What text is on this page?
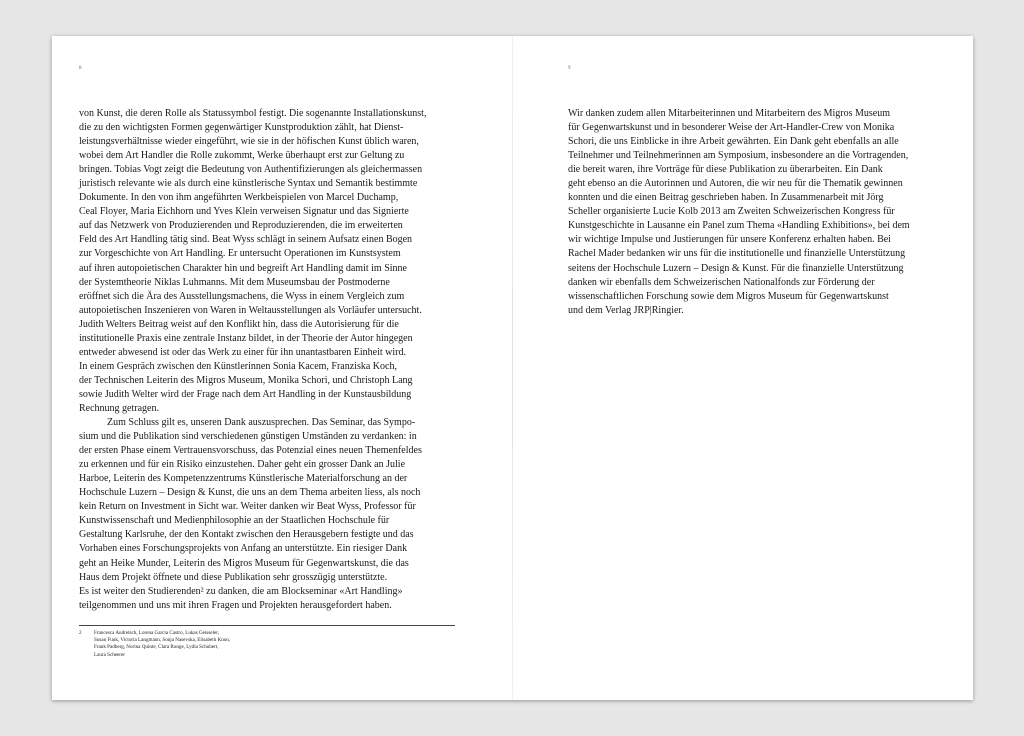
8	9
von Kunst, die deren Rolle als Statussymbol festigt. Die sogenannte Installationskunst,
die zu den wichtigsten Formen gegenwärtiger Kunstproduktion zählt, hat Dienst-
leistungsverhältnisse wieder eingeführt, wie sie in der höfischen Kunst üblich waren,
wobei dem Art Handler die Rolle zukommt, Werke überhaupt erst zur Geltung zu
bringen. Tobias Vogt zeigt die Bedeutung von Authentifizierungen als gleichermassen
juristisch relevante wie als durch eine künstlerische Syntax und Semantik bestimmte
Dokumente. In den von ihm angeführten Werkbeispielen von Marcel Duchamp,
Ceal Floyer, Maria Eichhorn und Yves Klein verweisen Signatur und das Signierte
auf das Netzwerk von Produzierenden und Reproduzierenden, die im erweiterten
Feld des Art Handling tätig sind. Beat Wyss schlägt in seinem Aufsatz einen Bogen
zur Vorgeschichte von Art Handling. Er untersucht Operationen im Kunstsystem
auf ihren autopoietischen Charakter hin und begreift Art Handling damit im Sinne
der Systemtheorie Niklas Luhmanns. Mit dem Museumsbau der Postmoderne
eröffnet sich die Ära des Ausstellungsmachens, die Wyss in einem Vergleich zum
autopoietischen Inszenieren von Waren in Weltausstellungen als Vorläufer untersucht.
Judith Welters Beitrag weist auf den Konflikt hin, dass die Autorisierung für die
institutionelle Praxis eine zentrale Instanz bildet, in der Theorie der Autor hingegen
entweder abwesend ist oder das Werk zu einer für ihn unantastbaren Einheit wird.
In einem Gespräch zwischen den Künstlerinnen Sonia Kacem, Franziska Koch,
der Technischen Leiterin des Migros Museum, Monika Schori, und Christoph Lang
sowie Judith Welter wird der Frage nach dem Art Handling in der Kunstausbildung
Rechnung getragen.
Zum Schluss gilt es, unseren Dank auszusprechen. Das Seminar, das Sympo-
sium und die Publikation sind verschiedenen günstigen Umständen zu verdanken: in
der ersten Phase einem Vertrauensvorschuss, das Potenzial eines neuen Themenfeldes
zu erkennen und für ein Risiko einzustehen. Daher geht ein grosser Dank an Julie
Harboe, Leiterin des Kompetenzzentrums Künstlerische Materialforschung an der
Hochschule Luzern – Design & Kunst, die uns an dem Thema arbeiten liess, als noch
kein Return on Investment in Sicht war. Weiter danken wir Beat Wyss, Professor für
Kunstwissenschaft und Medienphilosophie an der Staatlichen Hochschule für
Gestaltung Karlsruhe, der den Kontakt zwischen den Herausgebern festigte und das
Vorhaben eines Forschungsprojekts von Anfang an unterstützte. Ein riesiger Dank
geht an Heike Munder, Leiterin des Migros Museum für Gegenwartskunst, die das
Haus dem Projekt öffnete und diese Publikation sehr grosszügig unterstützte.
Es ist weiter den Studierenden² zu danken, die am Blockseminar «Art Handling»
teilgenommen und uns mit ihren Fragen und Projekten herausgefordert haben.
2 Francesca Audretsch, Lorena Garcia Castro, Lukas Geisseler,
Susan Funk, Victoria Langmann, Sonja Nasevska, Elisabeth Knon,
Frank Padberg, Norina Quinte, Clara Runge, Lydia Schubert,
Laura Scheerer
Wir danken zudem allen Mitarbeiterinnen und Mitarbeitern des Migros Museum
für Gegenwartskunst und in besonderer Weise der Art-Handler-Crew von Monika
Schori, die uns Einblicke in ihre Arbeit gewährten. Ein Dank geht ebenfalls an alle
Teilnehmer und Teilnehmerinnen am Symposium, insbesondere an die Vortragenden,
die bereit waren, ihre Vorträge für diese Publikation zu überarbeiten. Ein Dank
geht ebenso an die Autorinnen und Autoren, die wir neu für die Thematik gewinnen
konnten und die einen Beitrag geschrieben haben. In Zusammenarbeit mit Jörg
Scheller organisierte Lucie Kolb 2013 am Zweiten Schweizerischen Kongress für
Kunstgeschichte in Lausanne ein Panel zum Thema «Handling Exhibitions», bei dem
wir wichtige Impulse und Justierungen für unsere Konferenz erhalten haben. Bei
Rachel Mader bedanken wir uns für die institutionelle und finanzielle Unterstützung
seitens der Hochschule Luzern – Design & Kunst. Für die finanzielle Unterstützung
danken wir ebenfalls dem Schweizerischen Nationalfonds zur Förderung der
wissenschaftlichen Forschung sowie dem Migros Museum für Gegenwartskunst
und dem Verlag JRP|Ringier.
